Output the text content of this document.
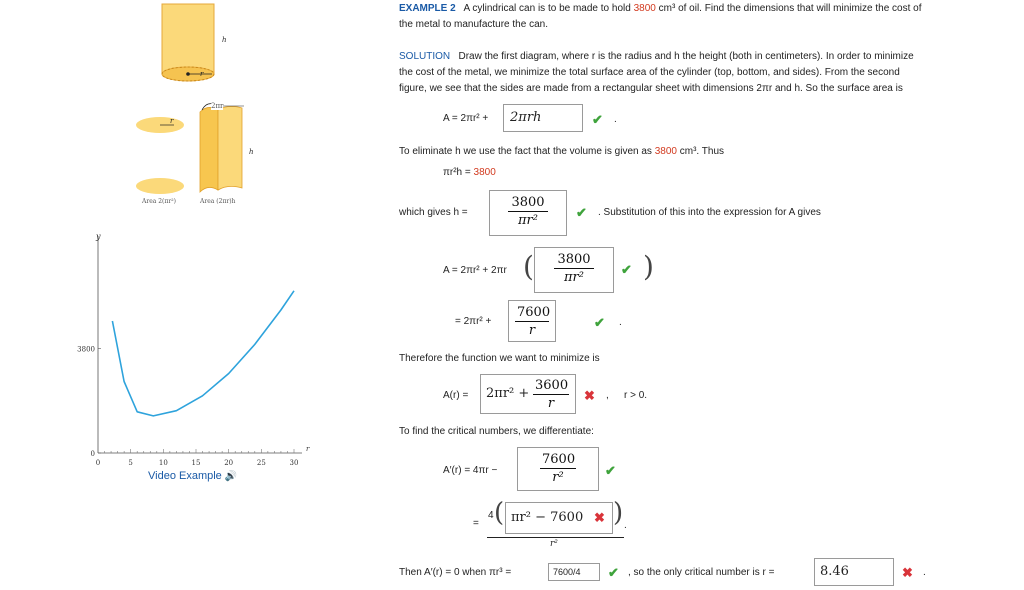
h
r
r
2πr
h
Area 2(πr²)	Area (2πr)h
0	5	10	15	20	25	30
0
3800
r
y
Video Example 🔊
EXAMPLE 2 A cylindrical can is to be made to hold 3800 cm³ of oil. Find the dimensions that will minimize the cost of
the metal to manufacture the can.
SOLUTION Draw the first diagram, where r is the radius and h the height (both in centimeters). In order to minimize
the cost of the metal, we minimize the total surface area of the cylinder (top, bottom, and sides). From the second
figure, we see that the sides are made from a rectangular sheet with dimensions 2πr and h. So the surface area is
A = 2πr² + 2πrh	✔ .
To eliminate h we use the fact that the volume is given as 3800 cm³. Thus
πr²h = 3800
which gives h =	$\frac{3800}{\text{πr²}}$ ✔ . Substitution of this into the expression for A gives
A = 2πr² + 2πr ( $\frac{3800}{\text{πr²}}$ ✔ )
= $2\pi r^2 + \frac{7600}{r}$	✔ .
Therefore the function we want to minimize is
$A(r) = 2\pi r^2 + \frac{3600}{r}$ ✖ , r > 0.
To find the critical numbers, we differentiate:
A′(r) = 4πr −	$\frac{7600}{\text{r²}}$ ✔
=
4 ( πr² − 7600 ✖ ) .
r²
Then A′(r) = 0 when πr³ =	7600/4 ✔ , so the only critical number is r =	8.46	✖ .
